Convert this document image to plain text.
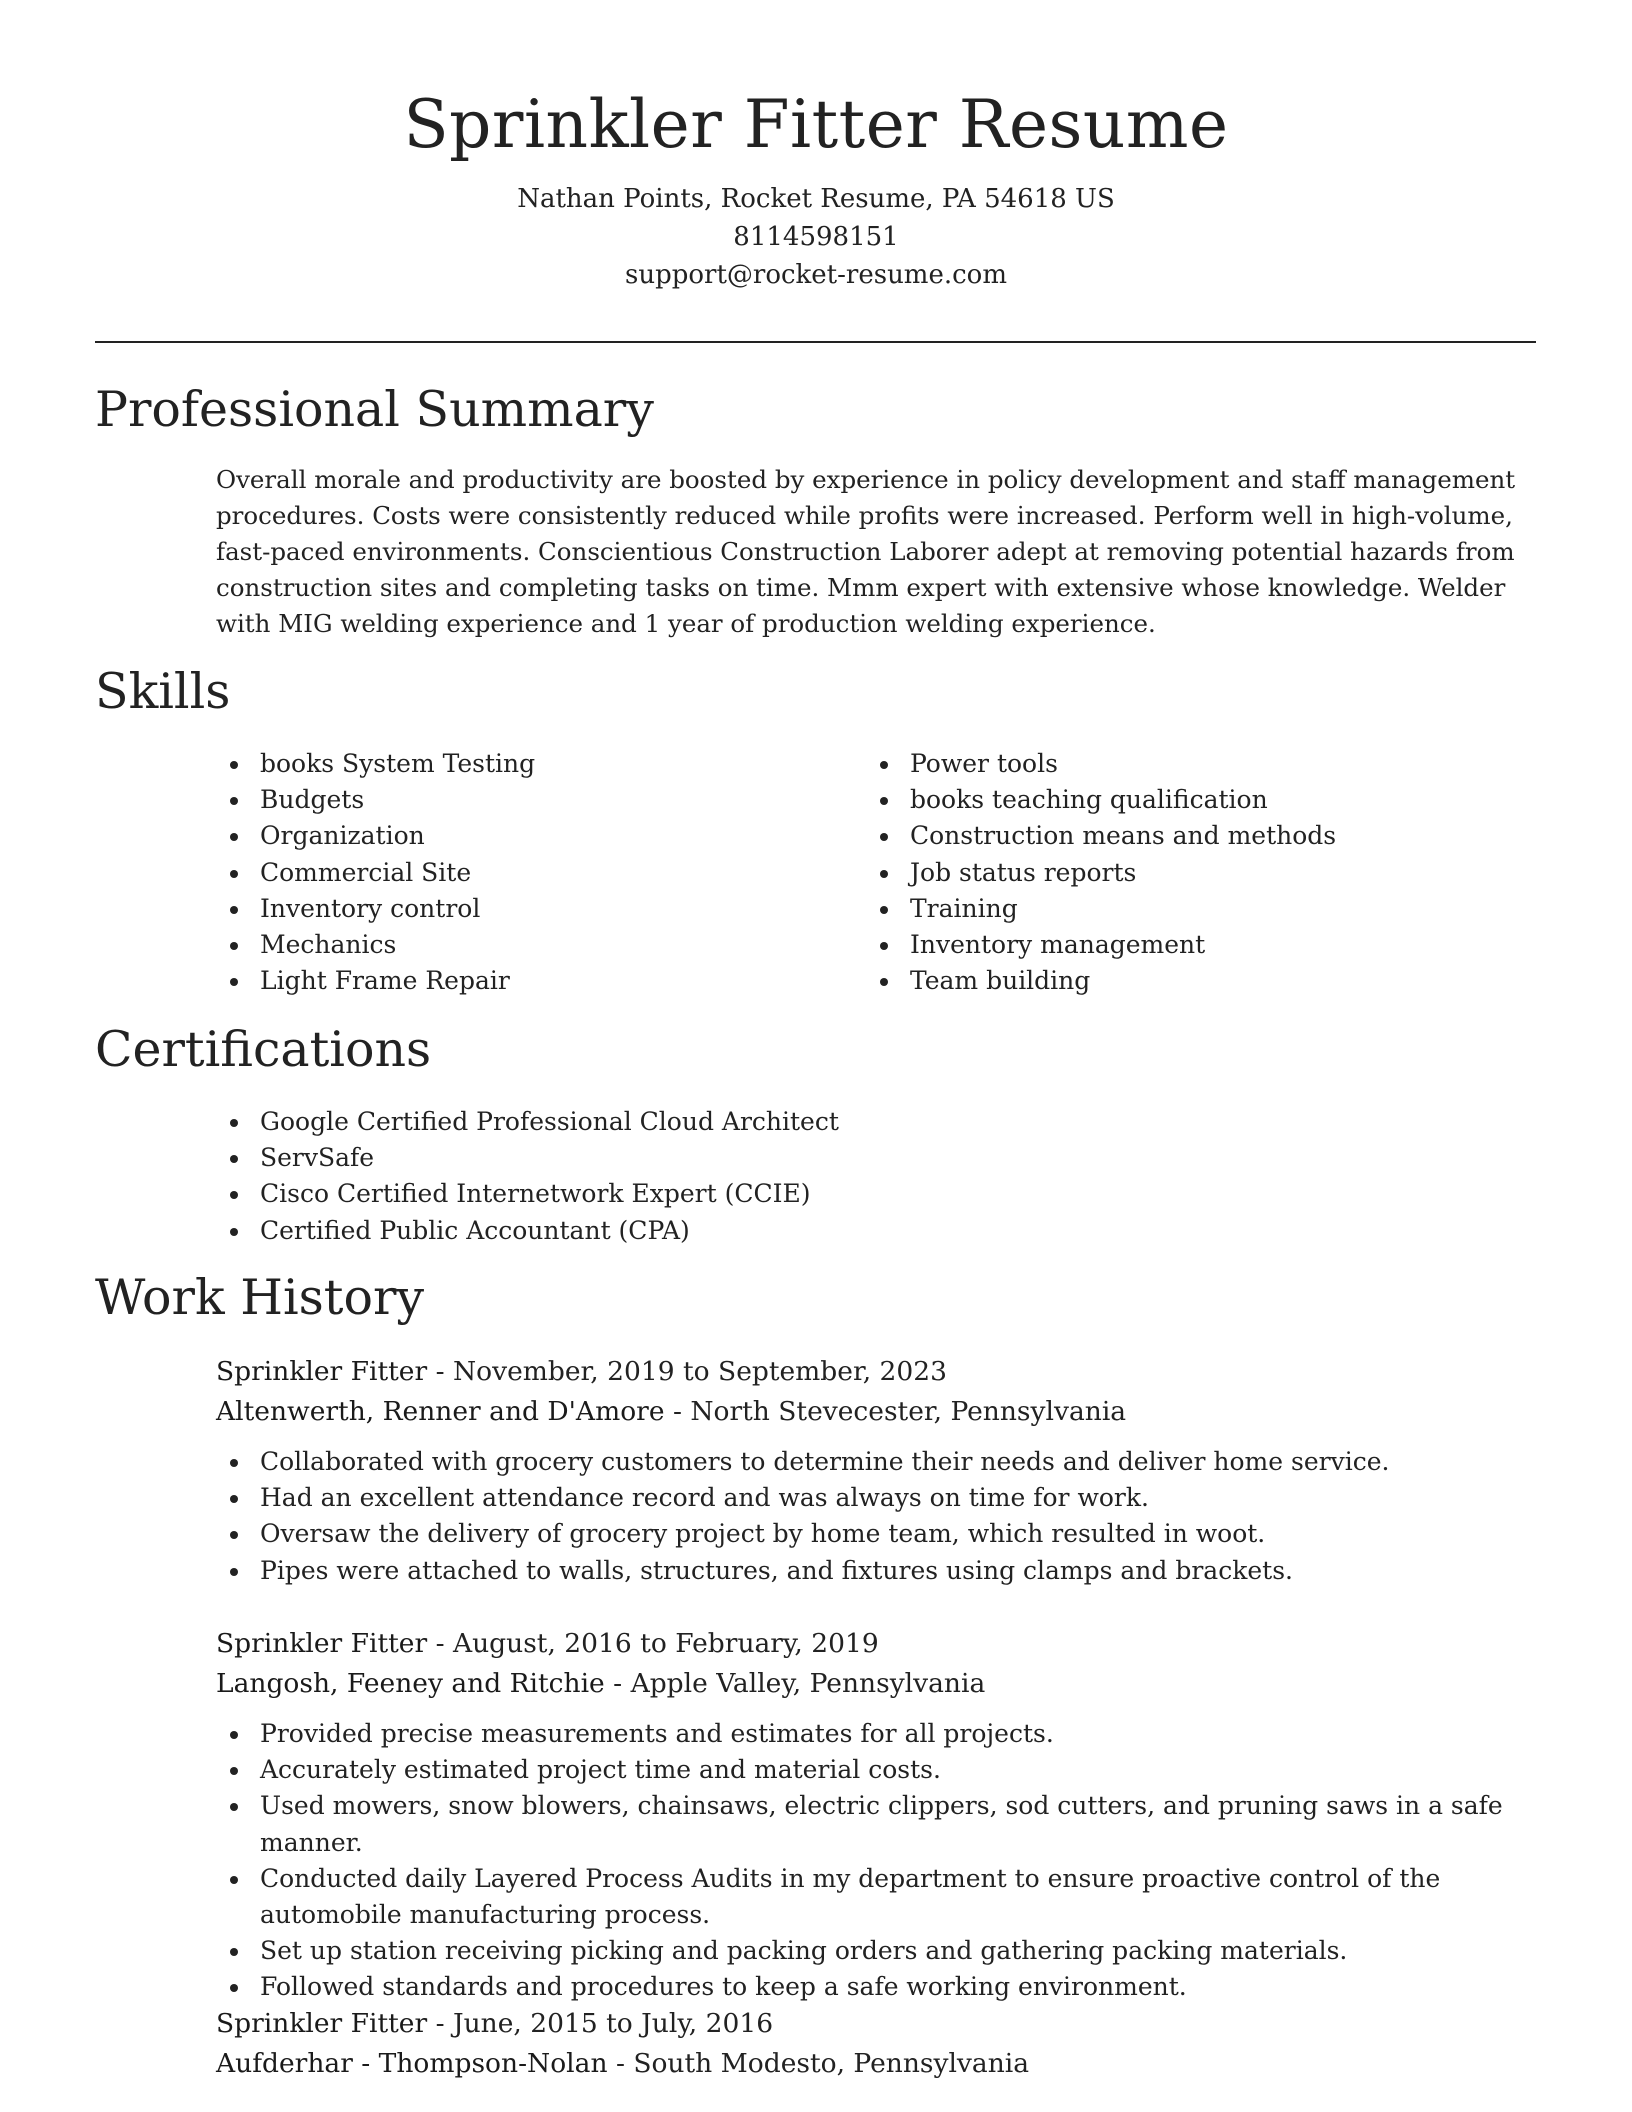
Sprinkler Fitter Resume
Nathan Points, Rocket Resume, PA 54618 US
8114598151
support@rocket-resume.com
Professional Summary

Overall morale and productivity are boosted by experience in policy development and staff management procedures. Costs were consistently reduced while profits were increased. Perform well in high-volume, fast-paced environments. Conscientious Construction Laborer adept at removing potential hazards from construction sites and completing tasks on time. Mmm expert with extensive whose knowledge. Welder with MIG welding experience and 1 year of production welding experience.

Skills
books System Testing
Budgets
Organization
Commercial Site
Inventory control
Mechanics
Light Frame Repair
Power tools
books teaching qualification
Construction means and methods
Job status reports
Training
Inventory management
Team building
Certifications
Google Certified Professional Cloud Architect
ServSafe
Cisco Certified Internetwork Expert (CCIE)
Certified Public Accountant (CPA)
Work History
Sprinkler Fitter - November, 2019 to September, 2023
Altenwerth, Renner and D'Amore - North Stevecester, Pennsylvania
Collaborated with grocery customers to determine their needs and deliver home service.
Had an excellent attendance record and was always on time for work.
Oversaw the delivery of grocery project by home team, which resulted in woot.
Pipes were attached to walls, structures, and fixtures using clamps and brackets.
Sprinkler Fitter - August, 2016 to February, 2019
Langosh, Feeney and Ritchie - Apple Valley, Pennsylvania
Provided precise measurements and estimates for all projects.
Accurately estimated project time and material costs.
Used mowers, snow blowers, chainsaws, electric clippers, sod cutters, and pruning saws in a safe manner.
Conducted daily Layered Process Audits in my department to ensure proactive control of the automobile manufacturing process.
Set up station receiving picking and packing orders and gathering packing materials.
Followed standards and procedures to keep a safe working environment.
Sprinkler Fitter - June, 2015 to July, 2016
Aufderhar - Thompson-Nolan - South Modesto, Pennsylvania
